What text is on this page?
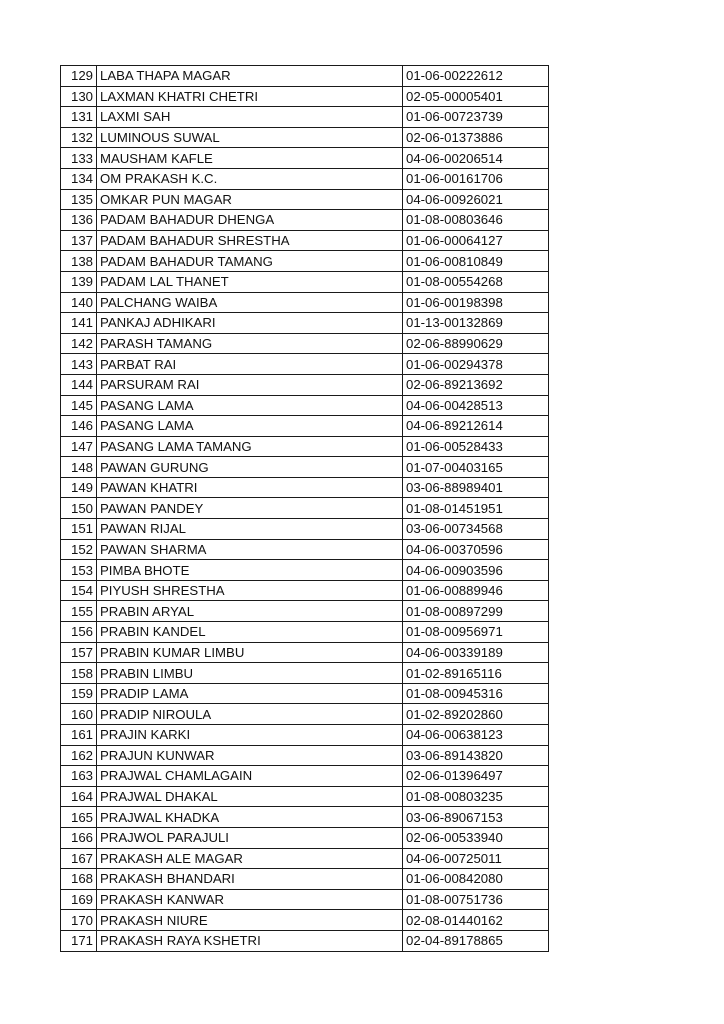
129	LABA THAPA MAGAR	01-06-00222612
130	LAXMAN KHATRI CHETRI	02-05-00005401
131	LAXMI SAH	01-06-00723739
132	LUMINOUS SUWAL	02-06-01373886
133	MAUSHAM KAFLE	04-06-00206514
134	OM PRAKASH K.C.	01-06-00161706
135	OMKAR PUN MAGAR	04-06-00926021
136	PADAM BAHADUR DHENGA	01-08-00803646
137	PADAM BAHADUR SHRESTHA	01-06-00064127
138	PADAM BAHADUR TAMANG	01-06-00810849
139	PADAM LAL THANET	01-08-00554268
140	PALCHANG WAIBA	01-06-00198398
141	PANKAJ ADHIKARI	01-13-00132869
142	PARASH TAMANG	02-06-88990629
143	PARBAT RAI	01-06-00294378
144	PARSURAM RAI	02-06-89213692
145	PASANG LAMA	04-06-00428513
146	PASANG LAMA	04-06-89212614
147	PASANG LAMA TAMANG	01-06-00528433
148	PAWAN GURUNG	01-07-00403165
149	PAWAN KHATRI	03-06-88989401
150	PAWAN PANDEY	01-08-01451951
151	PAWAN RIJAL	03-06-00734568
152	PAWAN SHARMA	04-06-00370596
153	PIMBA BHOTE	04-06-00903596
154	PIYUSH SHRESTHA	01-06-00889946
155	PRABIN ARYAL	01-08-00897299
156	PRABIN KANDEL	01-08-00956971
157	PRABIN KUMAR LIMBU	04-06-00339189
158	PRABIN LIMBU	01-02-89165116
159	PRADIP LAMA	01-08-00945316
160	PRADIP NIROULA	01-02-89202860
161	PRAJIN KARKI	04-06-00638123
162	PRAJUN KUNWAR	03-06-89143820
163	PRAJWAL CHAMLAGAIN	02-06-01396497
164	PRAJWAL DHAKAL	01-08-00803235
165	PRAJWAL KHADKA	03-06-89067153
166	PRAJWOL PARAJULI	02-06-00533940
167	PRAKASH ALE MAGAR	04-06-00725011
168	PRAKASH BHANDARI	01-06-00842080
169	PRAKASH KANWAR	01-08-00751736
170	PRAKASH NIURE	02-08-01440162
171	PRAKASH RAYA KSHETRI	02-04-89178865
